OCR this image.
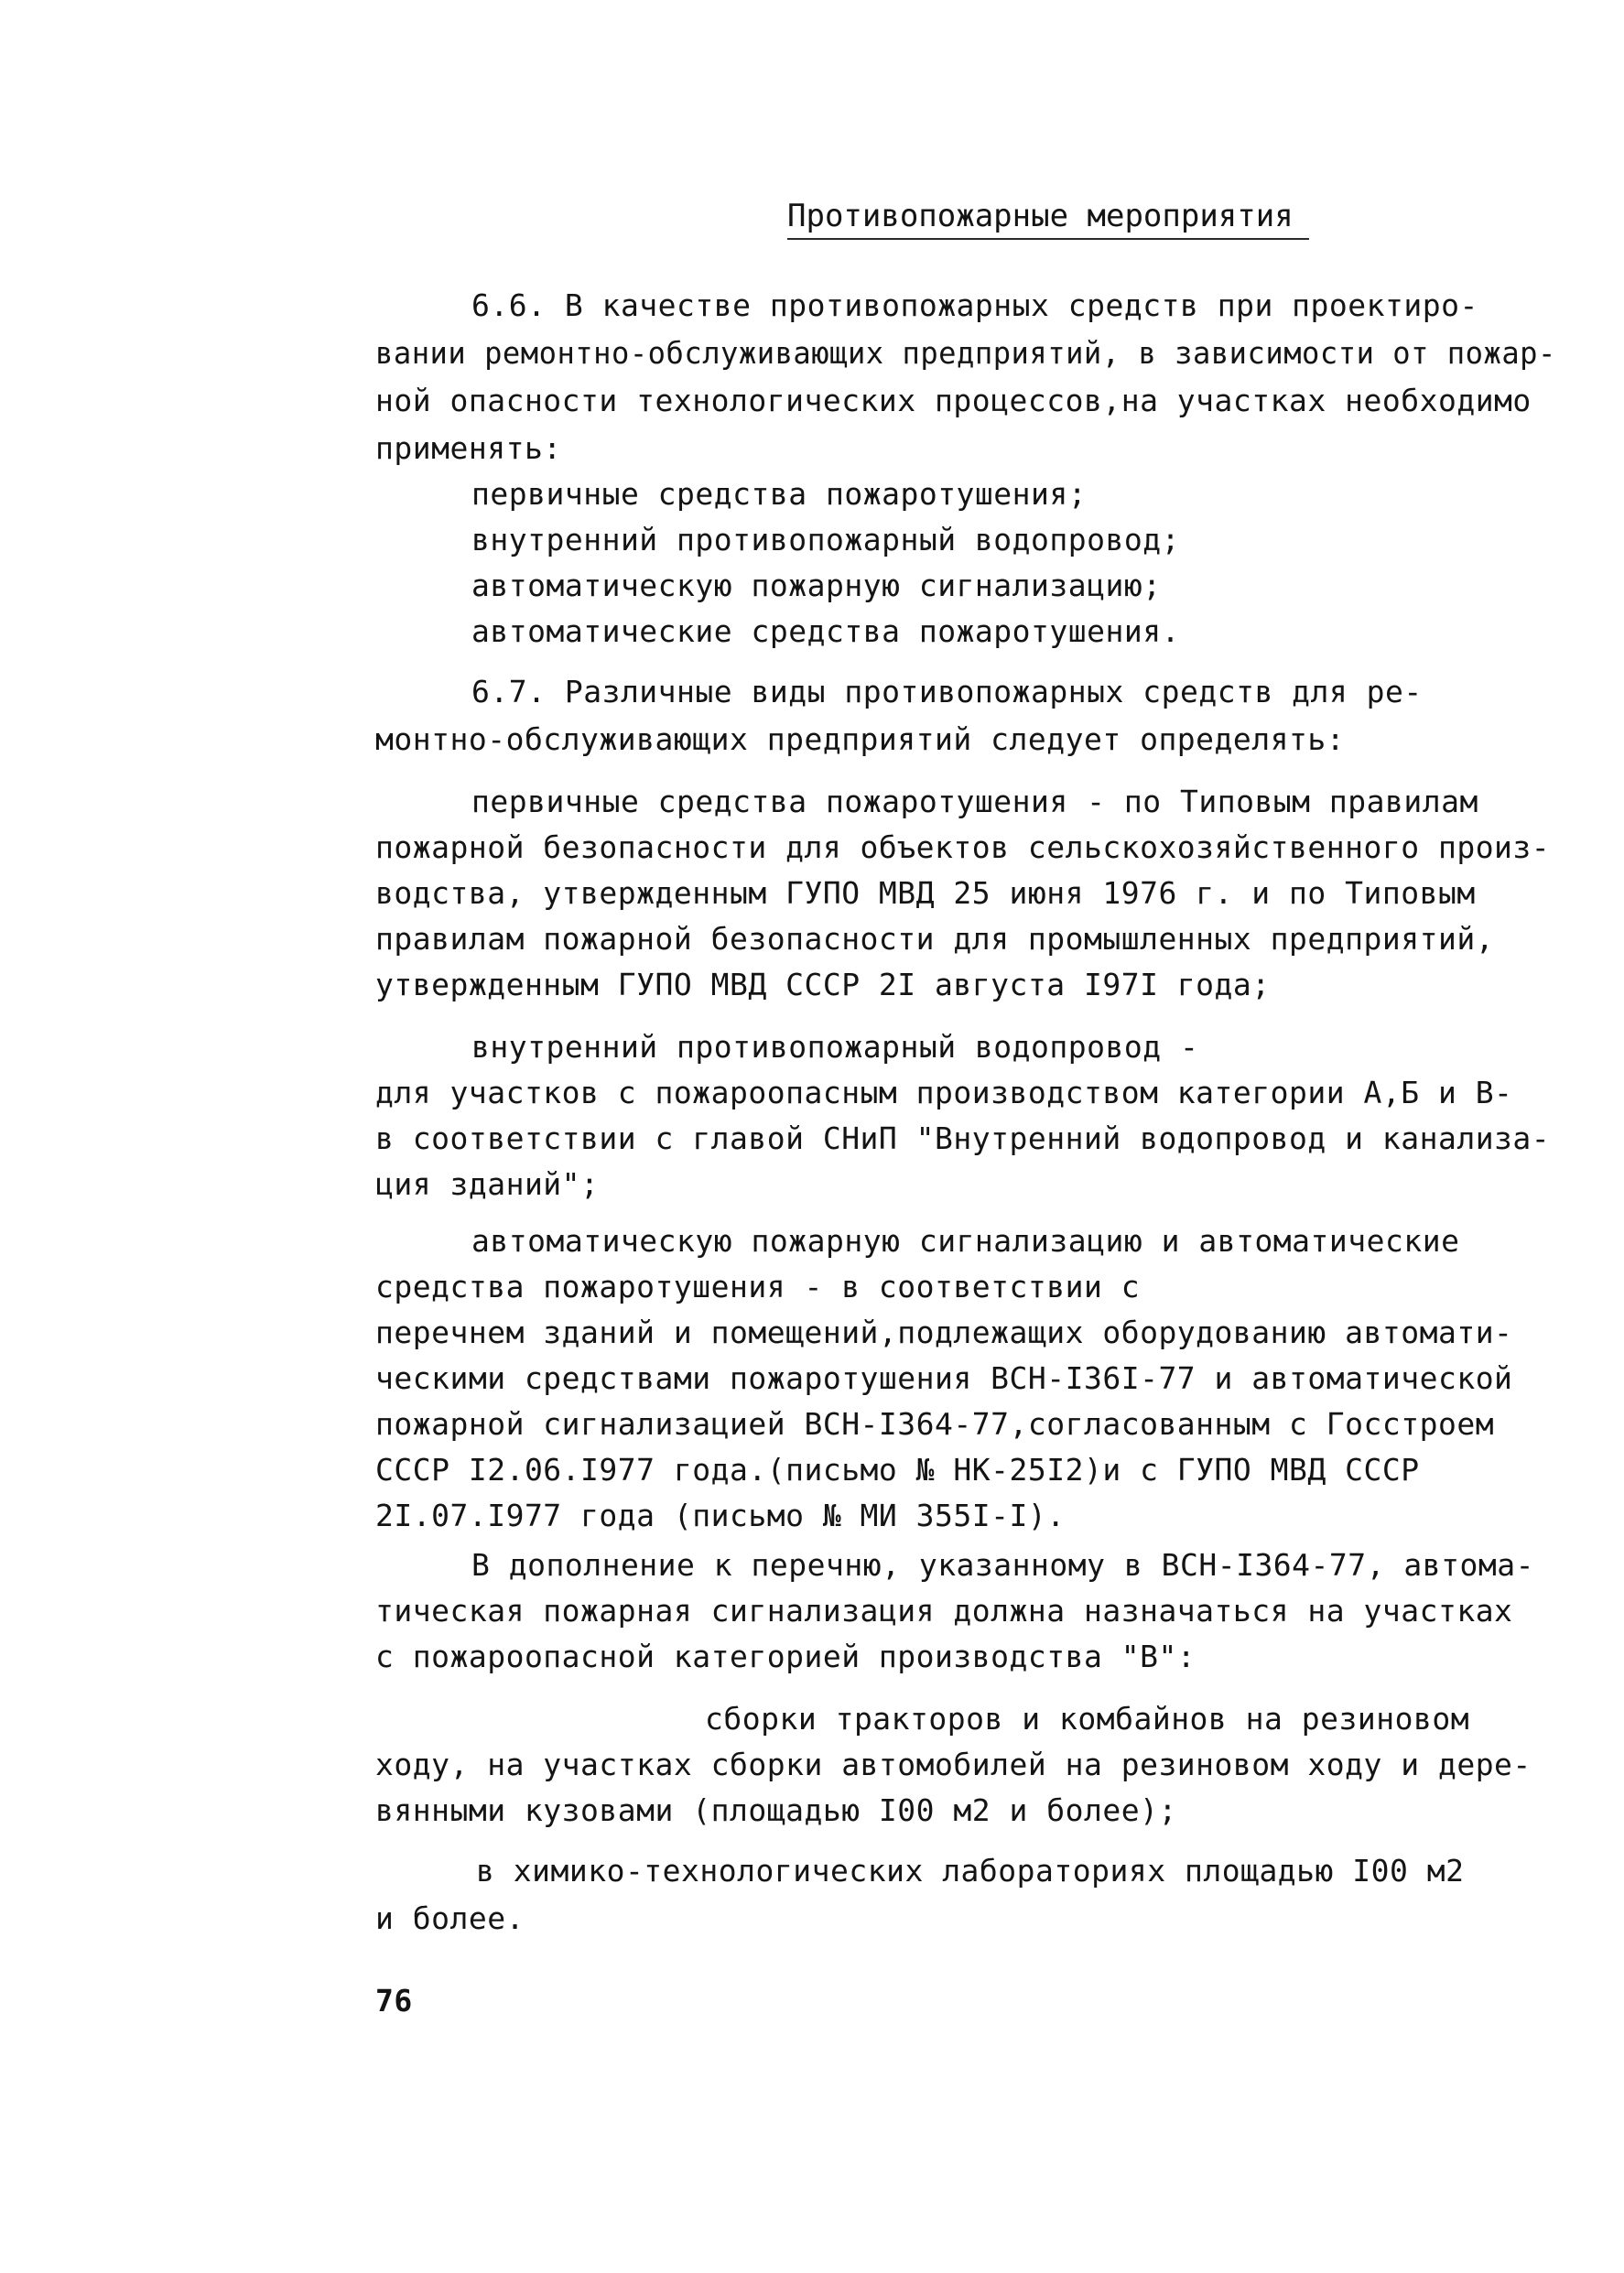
Противопожарные мероприятия
6.6. В качестве противопожарных средств при проектиро-
вании ремонтно-обслуживающих предприятий, в зависимости от пожар-
ной опасности технологических процессов,на участках необходимо
применять:
первичные средства пожаротушения;
внутренний противопожарный водопровод;
автоматическую пожарную сигнализацию;
автоматические средства пожаротушения.
6.7. Различные виды противопожарных средств для ре-
монтно-обслуживающих предприятий следует определять:
первичные средства пожаротушения - по Типовым правилам
пожарной безопасности для объектов сельскохозяйственного произ-
водства, утвержденным ГУПО МВД 25 июня 1976 г. и по Типовым
правилам пожарной безопасности для промышленных предприятий,
утвержденным ГУПО МВД СССР 2I августа I97I года;
внутренний противопожарный водопровод -
для участков с пожароопасным производством категории А,Б и В-
в соответствии с главой СНиП "Внутренний водопровод и канализа-
ция зданий";
автоматическую пожарную сигнализацию и автоматические
средства пожаротушения - в соответствии с
перечнем зданий и помещений,подлежащих оборудованию автомати-
ческими средствами пожаротушения ВСН-I36I-77 и автоматической
пожарной сигнализацией ВСН-I364-77,согласованным с Госстроем
СССР I2.06.I977 года.(письмо № НК-25I2)и с ГУПО МВД СССР
2I.07.I977 года (письмо № МИ 355I-I).
В дополнение к перечню, указанному в ВСН-I364-77, автома-
тическая пожарная сигнализация должна назначаться на участках
с пожароопасной категорией производства "В":
сборки тракторов и комбайнов на резиновом
ходу, на участках сборки автомобилей на резиновом ходу и дере-
вянными кузовами (площадью I00 м2 и более);
в химико-технологических лабораториях площадью I00 м2
и более.
76
